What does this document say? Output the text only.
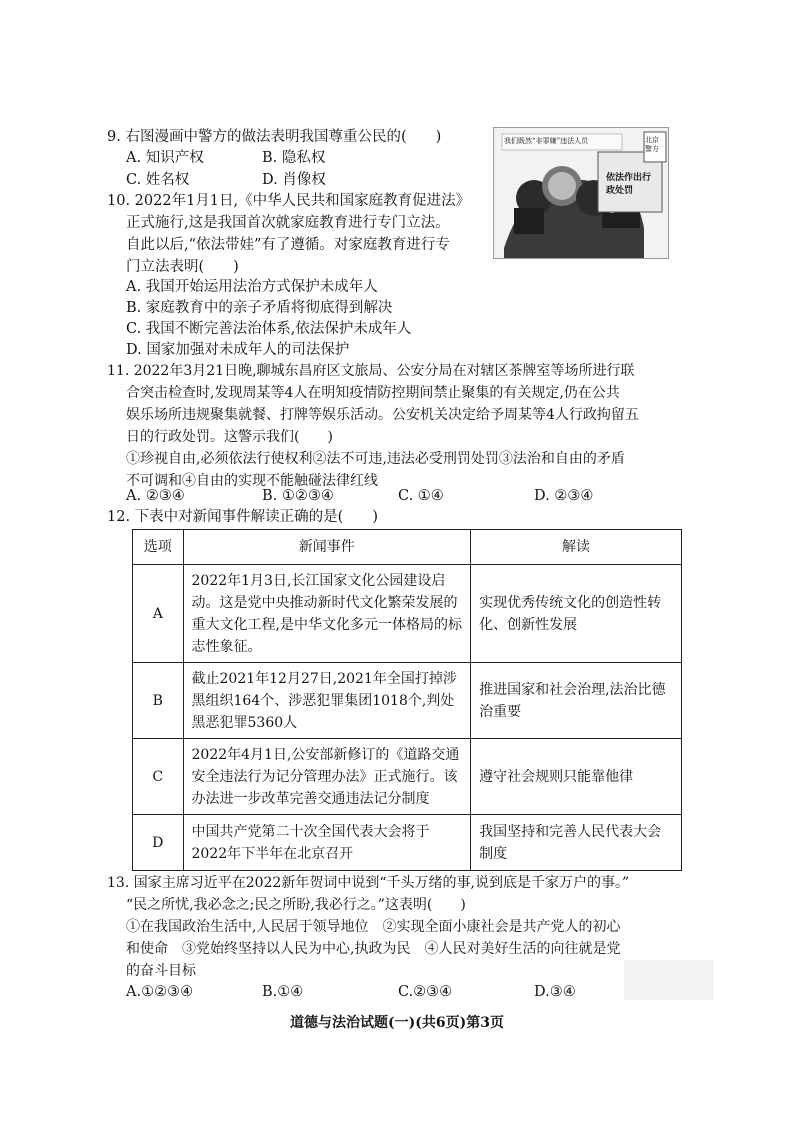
9. 右图漫画中警方的做法表明我国尊重公民的(　　)
A. 知识产权	B. 隐私权
C. 姓名权	D. 肖像权
我们既然“非罪嫌”违法人员
依法作出行政处罚
北京警方
10. 2022年1月1日,《中华人民共和国家庭教育促进法》
正式施行,这是我国首次就家庭教育进行专门立法。
自此以后,“依法带娃”有了遵循。对家庭教育进行专
门立法表明(　　)
A. 我国开始运用法治方式保护未成年人
B. 家庭教育中的亲子矛盾将彻底得到解决
C. 我国不断完善法治体系,依法保护未成年人
D. 国家加强对未成年人的司法保护
11. 2022年3月21日晚,聊城东昌府区文旅局、公安分局在对辖区茶牌室等场所进行联
合突击检查时,发现周某等4人在明知疫情防控期间禁止聚集的有关规定,仍在公共
娱乐场所违规聚集就餐、打牌等娱乐活动。公安机关决定给予周某等4人行政拘留五
日的行政处罚。这警示我们(　　)
①珍视自由,必须依法行使权利②法不可违,违法必受刑罚处罚③法治和自由的矛盾
不可调和④自由的实现不能触碰法律红线
A. ②③④	B. ①②③④	C. ①④	D. ②③④
12. 下表中对新闻事件解读正确的是(　　)
选项	新闻事件	解读
A	2022年1月3日,长江国家文化公园建设启动。这是党中央推动新时代文化繁荣发展的重大文化工程,是中华文化多元一体格局的标志性象征。	实现优秀传统文化的创造性转化、创新性发展
B	截止2021年12月27日,2021年全国打掉涉黑组织164个、涉恶犯罪集团1018个,判处黑恶犯罪5360人	推进国家和社会治理,法治比德治重要
C	2022年4月1日,公安部新修订的《道路交通安全违法行为记分管理办法》正式施行。该办法进一步改革完善交通违法记分制度	遵守社会规则只能靠他律
D	中国共产党第二十次全国代表大会将于2022年下半年在北京召开	我国坚持和完善人民代表大会制度
13. 国家主席习近平在2022新年贺词中说到“千头万绪的事,说到底是千家万户的事。”
“民之所忧,我必念之;民之所盼,我必行之。”这表明(　　)
①在我国政治生活中,人民居于领导地位　②实现全面小康社会是共产党人的初心
和使命　③党始终坚持以人民为中心,执政为民　④人民对美好生活的向往就是党
的奋斗目标
A.①②③④	B.①④	C.②③④	D.③④
道德与法治试题(一)(共6页)第3页
